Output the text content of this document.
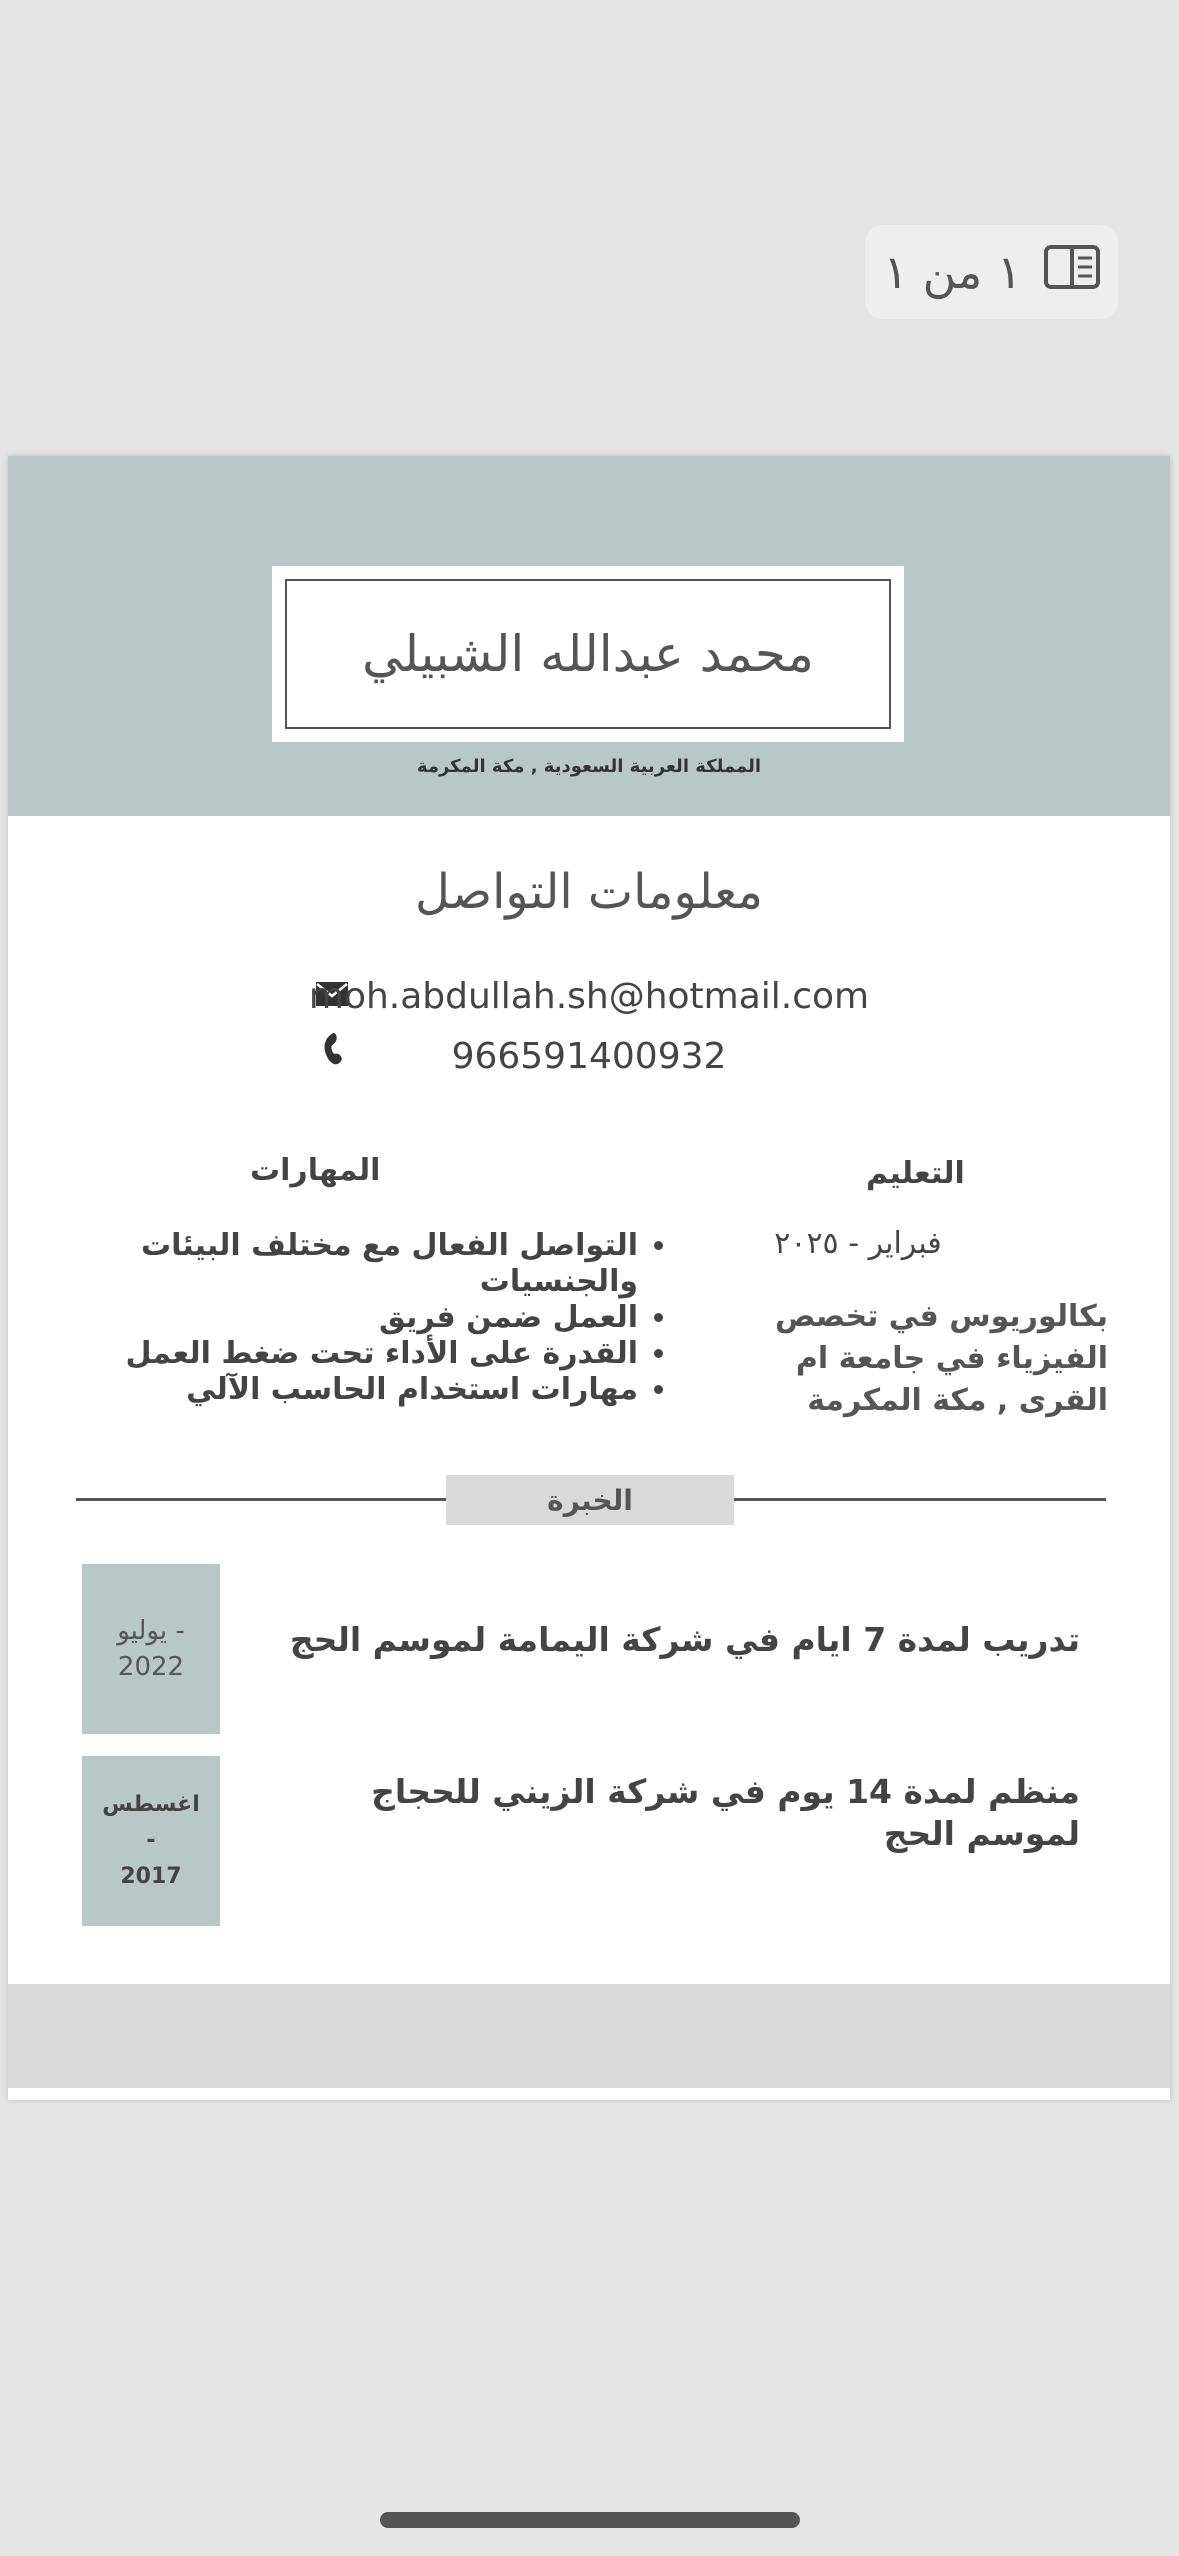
١ من ١
محمد عبدالله الشبيلي
المملكة العربية السعودية , مكة المكرمة
معلومات التواصل
moh.abdullah.sh@hotmail.com
966591400932
التعليم
فبراير - ٢٠٢٥
بكالوريوس في تخصص الفيزياء في جامعة ام القرى , مكة المكرمة
المهارات
• التواصل الفعال مع مختلف البيئات والجنسيات
• العمل ضمن فريق
• القدرة على الأداء تحت ضغط العمل
• مهارات استخدام الحاسب الآلي
الخبرة
يوليو -
2022
تدريب لمدة 7 ايام في شركة اليمامة لموسم الحج
اغسطس
-
2017
منظم لمدة 14 يوم في شركة الزيني للحجاج لموسم الحج
